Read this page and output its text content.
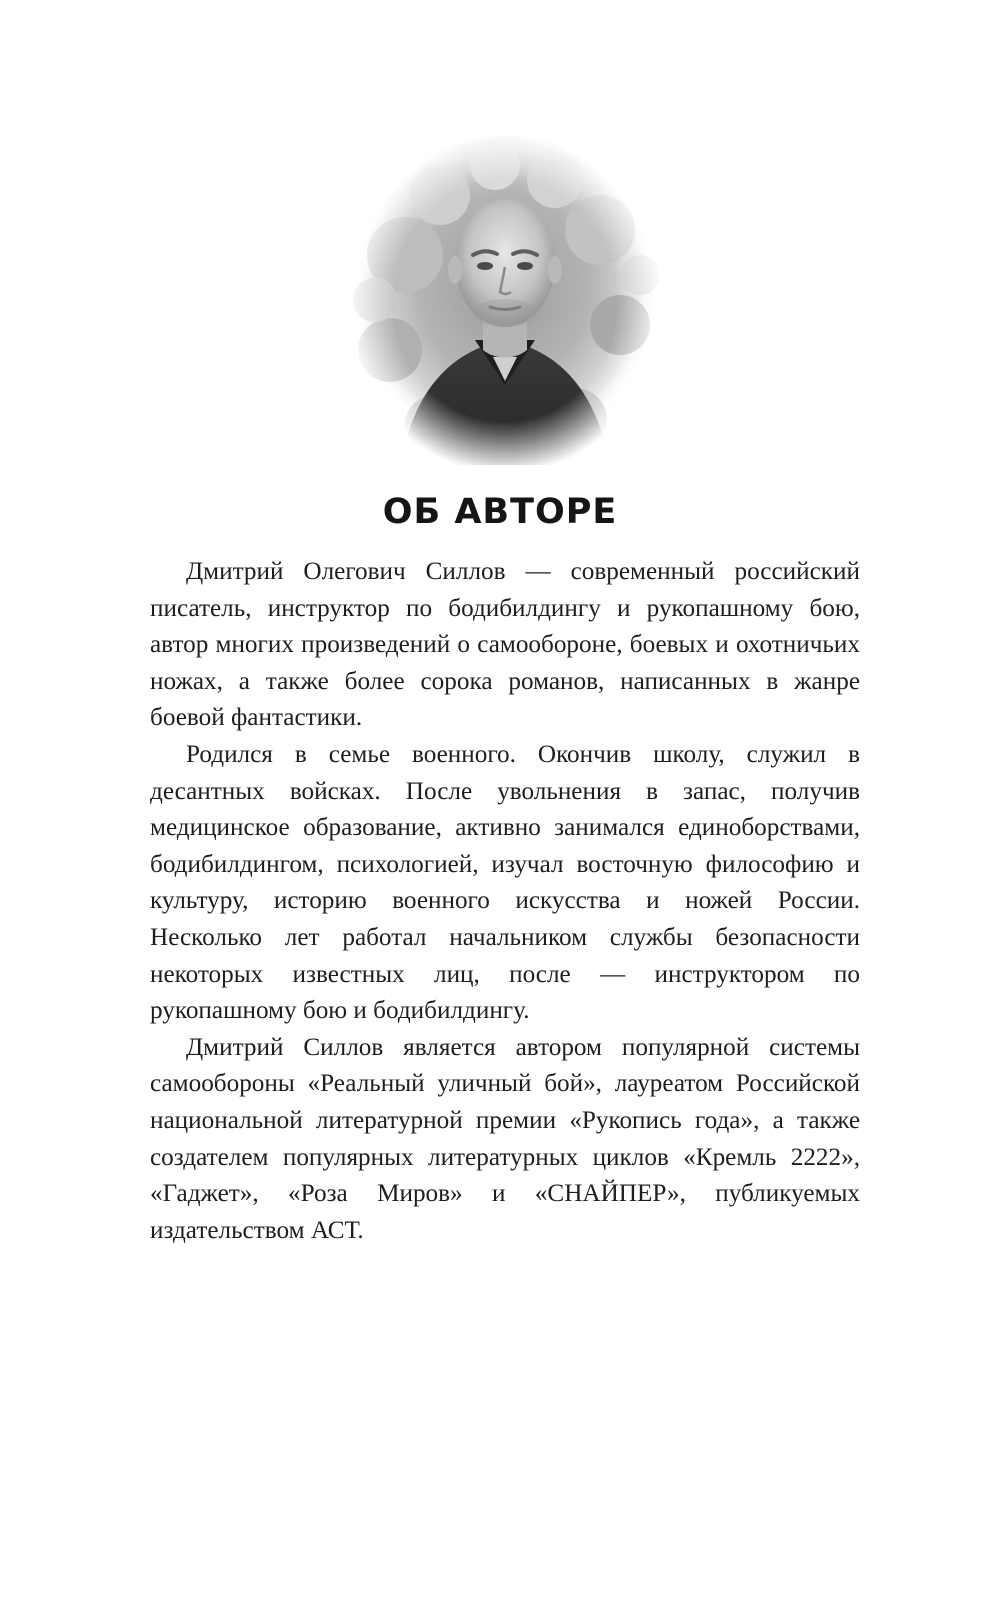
ОБ АВТОРЕ

Дмитрий Олегович Силлов — современный российский писатель, инструктор по бодибилдингу и рукопашному бою, автор многих произведений о самообороне, боевых и охотничьих ножах, а также более сорока романов, написанных в жанре боевой фантастики.

Родился в семье военного. Окончив школу, служил в десантных войсках. После увольнения в запас, получив медицинское образование, активно занимался единоборствами, бодибилдингом, психологией, изучал восточную философию и культуру, историю военного искусства и ножей России. Несколько лет работал начальником службы безопасности некоторых известных лиц, после — инструктором по рукопашному бою и бодибилдингу.

Дмитрий Силлов является автором популярной системы самообороны «Реальный уличный бой», лауреатом Российской национальной литературной премии «Рукопись года», а также создателем популярных литературных циклов «Кремль 2222», «Гаджет», «Роза Миров» и «СНАЙПЕР», публикуемых издательством АСТ.
